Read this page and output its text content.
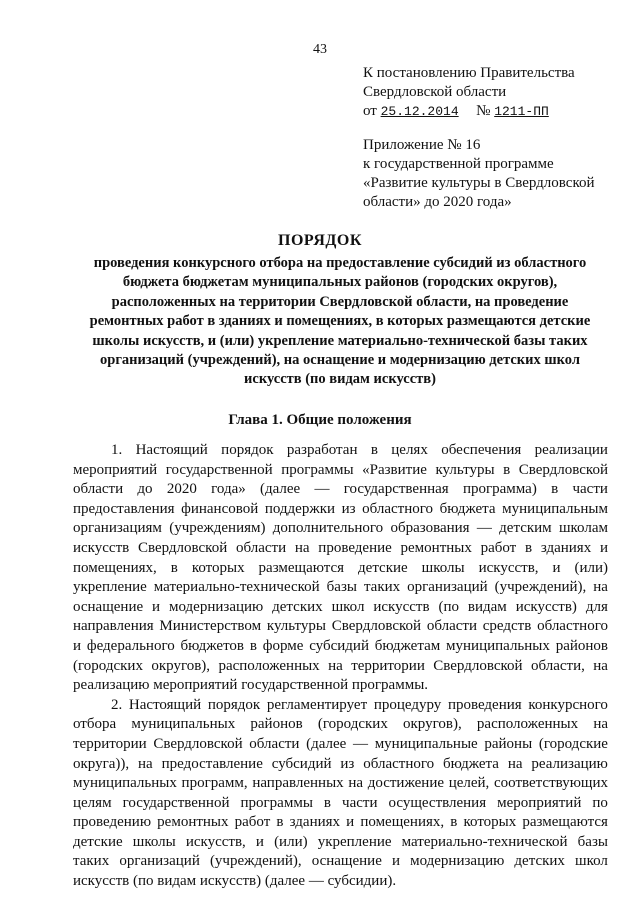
43
К постановлению Правительства
Свердловской области
от 25.12.2014 № 1211-ПП
Приложение № 16
к государственной программе
«Развитие культуры в Свердловской
области» до 2020 года»
ПОРЯДОК
проведения конкурсного отбора на предоставление субсидий из областного
бюджета бюджетам муниципальных районов (городских округов),
расположенных на территории Свердловской области, на проведение
ремонтных работ в зданиях и помещениях, в которых размещаются детские
школы искусств, и (или) укрепление материально-технической базы таких
организаций (учреждений), на оснащение и модернизацию детских школ
искусств (по видам искусств)
Глава 1. Общие положения
1. Настоящий порядок разработан в целях обеспечения реализации
мероприятий государственной программы «Развитие культуры в Свердловской
области до 2020 года» (далее — государственная программа) в части
предоставления финансовой поддержки из областного бюджета муниципальным
организациям (учреждениям) дополнительного образования — детским школам
искусств Свердловской области на проведение ремонтных работ в зданиях и
помещениях, в которых размещаются детские школы искусств, и (или)
укрепление материально-технической базы таких организаций (учреждений), на
оснащение и модернизацию детских школ искусств (по видам искусств) для
направления Министерством культуры Свердловской области средств областного
и федерального бюджетов в форме субсидий бюджетам муниципальных районов
(городских округов), расположенных на территории Свердловской области, на
реализацию мероприятий государственной программы.
2. Настоящий порядок регламентирует процедуру проведения конкурсного
отбора муниципальных районов (городских округов), расположенных на
территории Свердловской области (далее — муниципальные районы (городские
округа)), на предоставление субсидий из областного бюджета на реализацию
муниципальных программ, направленных на достижение целей, соответствующих
целям государственной программы в части осуществления мероприятий по
проведению ремонтных работ в зданиях и помещениях, в которых размещаются
детские школы искусств, и (или) укрепление материально-технической базы
таких организаций (учреждений), оснащение и модернизацию детских школ
искусств (по видам искусств) (далее — субсидии).
